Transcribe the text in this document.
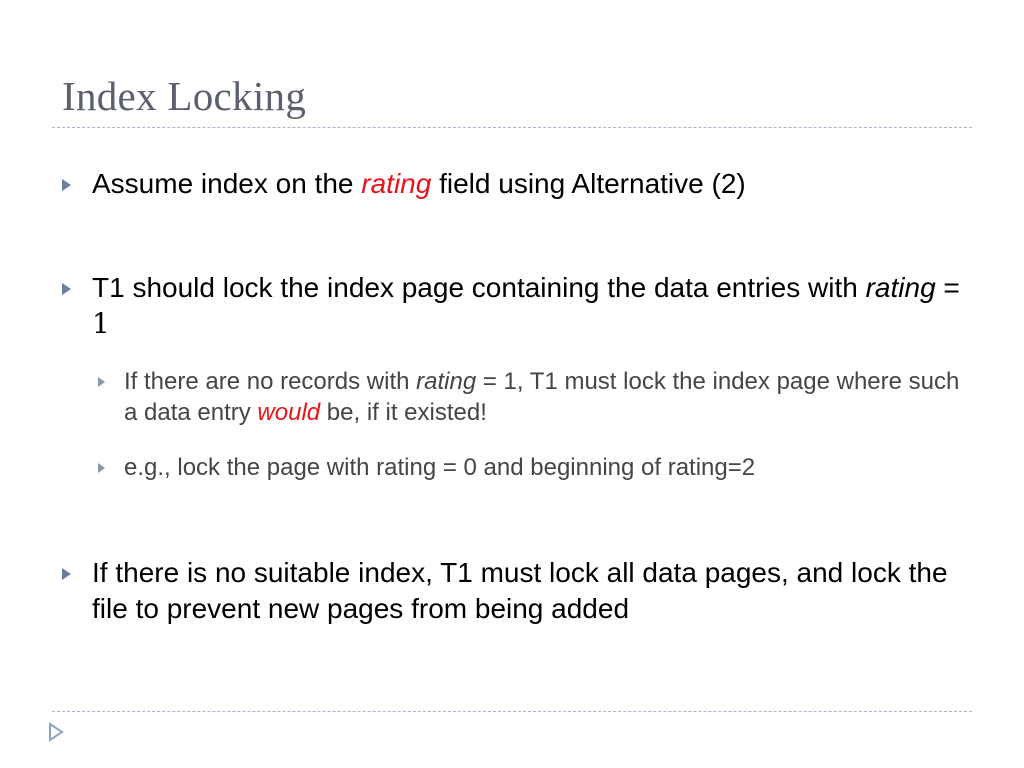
Index Locking
Assume index on the rating field using Alternative (2)
T1 should lock the index page containing the data entries with rating = 1
If there are no records with rating = 1, T1 must lock the index page where such a data entry would be, if it existed!
e.g., lock the page with rating = 0 and beginning of rating=2
If there is no suitable index, T1 must lock all data pages, and lock the file to prevent new pages from being added
